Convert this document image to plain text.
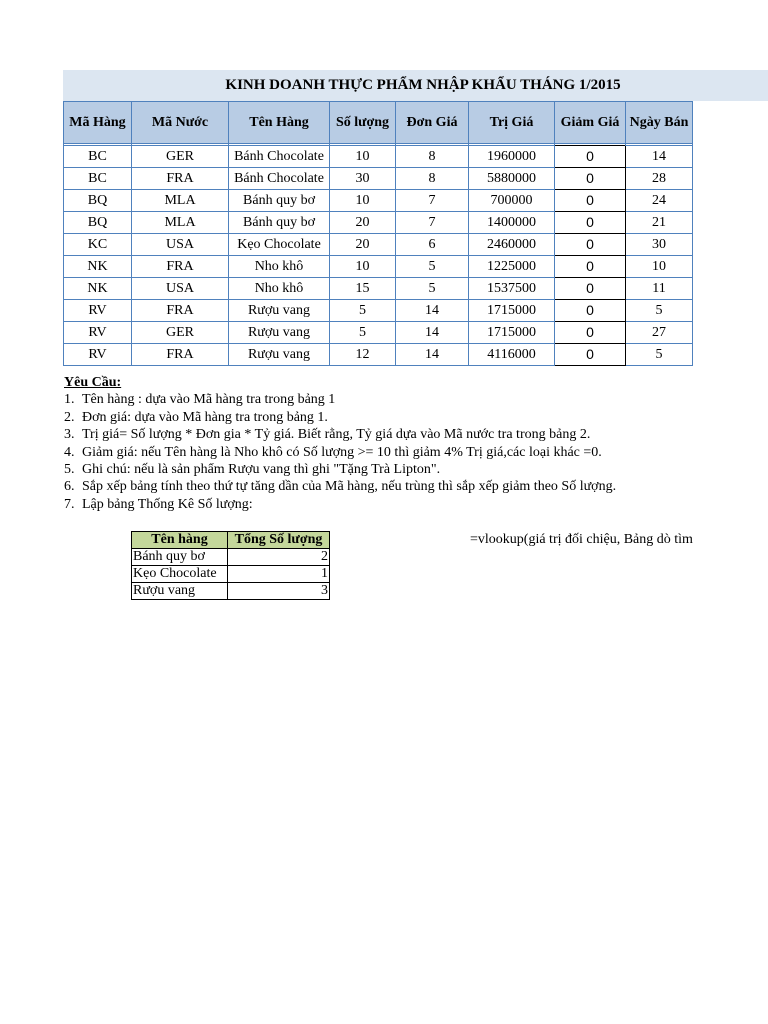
KINH DOANH THỰC PHẨM NHẬP KHẨU THÁNG 1/2015
Mã Hàng	Mã Nước	Tên Hàng	Số lượng	Đơn Giá	Trị Giá	Giảm Giá	Ngày Bán

BC	GER	Bánh Chocolate	10	8	1960000	0	14
BC	FRA	Bánh Chocolate	30	8	5880000	0	28
BQ	MLA	Bánh quy bơ	10	7	700000	0	24
BQ	MLA	Bánh quy bơ	20	7	1400000	0	21
KC	USA	Kẹo Chocolate	20	6	2460000	0	30
NK	FRA	Nho khô	10	5	1225000	0	10
NK	USA	Nho khô	15	5	1537500	0	11
RV	FRA	Rượu vang	5	14	1715000	0	5
RV	GER	Rượu vang	5	14	1715000	0	27
RV	FRA	Rượu vang	12	14	4116000	0	5
Yêu Cầu:
1. Tên hàng : dựa vào Mã hàng tra trong bảng 1
2. Đơn giá: dựa vào Mã hàng tra trong bảng 1.
3. Trị giá= Số lượng * Đơn gia * Tỷ giá. Biết rằng, Tỷ giá dựa vào Mã nước tra trong bảng 2.
4. Giảm giá: nếu Tên hàng là Nho khô có Số lượng >= 10 thì giảm 4% Trị giá,các loại khác =0.
5. Ghi chú: nếu là sản phẩm Rượu vang thì ghi "Tặng Trà Lipton".
6. Sắp xếp bảng tính theo thứ tự tăng dần của Mã hàng, nếu trùng thì sắp xếp giảm theo Số lượng.
7. Lập bảng Thống Kê Số lượng:
Tên hàng	Tổng Số lượng
Bánh quy bơ	2
Kẹo Chocolate	1
Rượu vang	3
=vlookup(giá trị đối chiệu, Bảng dò tìm
